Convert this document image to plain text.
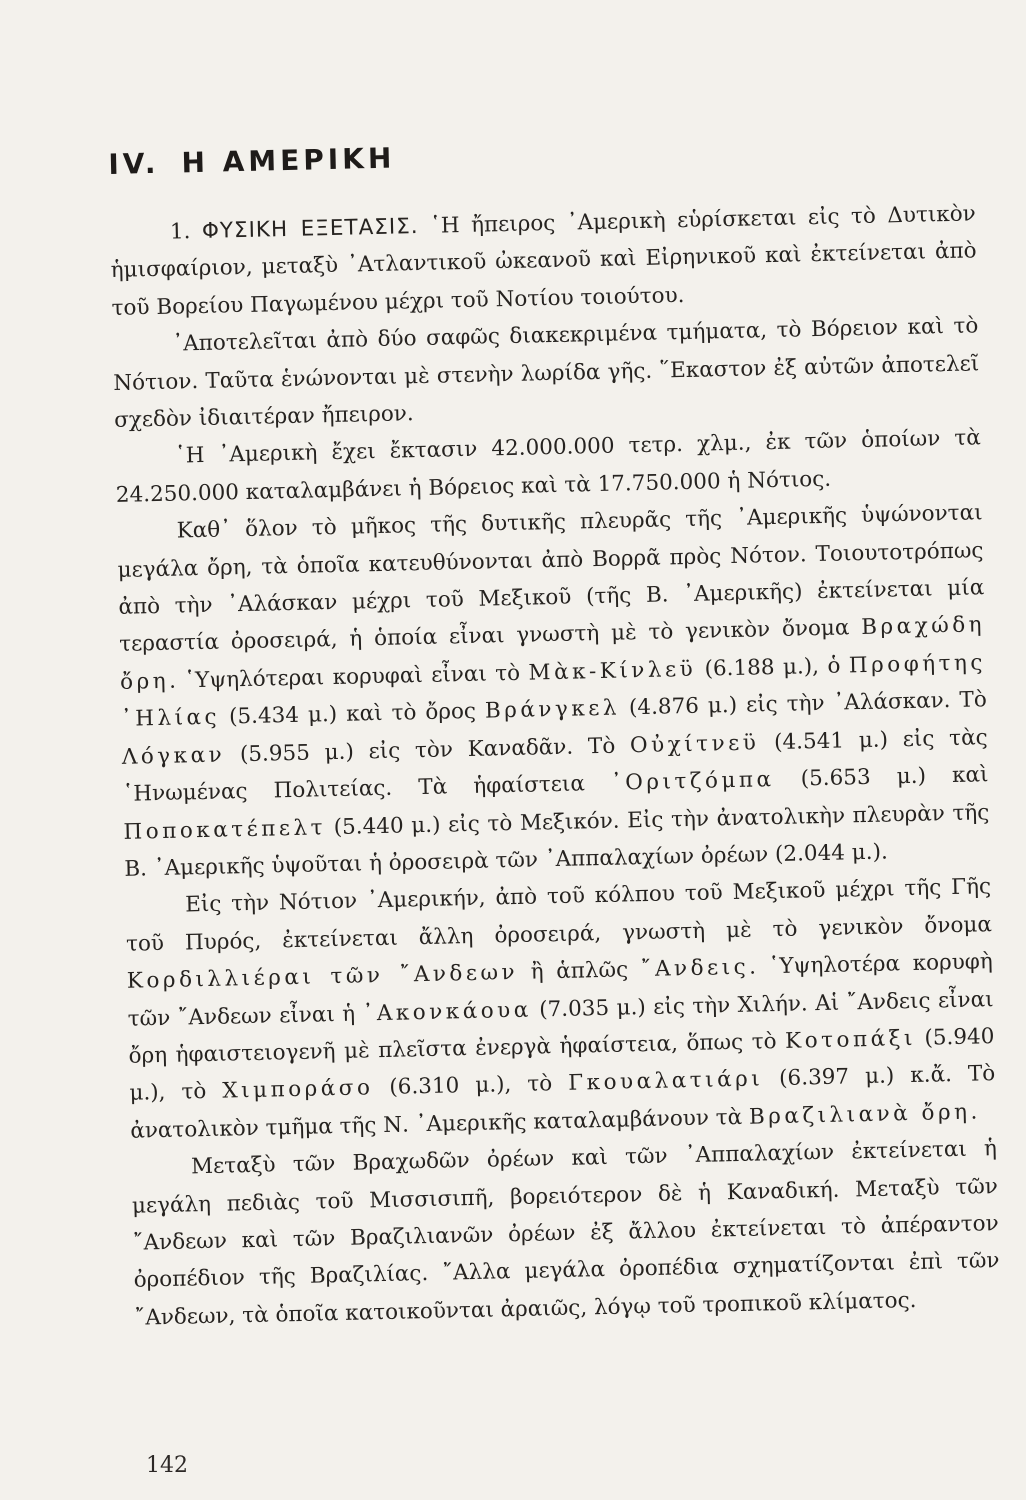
IV. Η ΑΜΕΡΙΚΗ

1. ΦΥΣΙΚΗ ΕΞΕΤΑΣΙΣ. ῾Η ἤπειρος ᾿Αμερικὴ εὑρίσκεται εἰς τὸ Δυτικὸν ἡμισφαίριον, μεταξὺ ᾿Ατλαντικοῦ ὠκεανοῦ καὶ Εἰρηνικοῦ καὶ ἐκτείνεται ἀπὸ τοῦ Βορείου Παγωμένου μέχρι τοῦ Νοτίου τοιούτου.

᾿Αποτελεῖται ἀπὸ δύο σαφῶς διακεκριμένα τμήματα, τὸ Βόρειον καὶ τὸ Νότιον. Ταῦτα ἑνώνονται μὲ στενὴν λωρίδα γῆς. ῞Εκαστον ἐξ αὐτῶν ἀποτελεῖ σχεδὸν ἰδιαιτέραν ἤπειρον.

῾Η ᾿Αμερικὴ ἔχει ἔκτασιν 42.000.000 τετρ. χλμ., ἐκ τῶν ὁποίων τὰ 24.250.000 καταλαμβάνει ἡ Βόρειος καὶ τὰ 17.750.000 ἡ Νότιος.

Καθ᾿ ὅλον τὸ μῆκος τῆς δυτικῆς πλευρᾶς τῆς ᾿Αμερικῆς ὑψώνονται μεγάλα ὄρη, τὰ ὁποῖα κατευθύνονται ἀπὸ Βορρᾶ πρὸς Νότον. Τοιουτοτρόπως ἀπὸ τὴν ᾿Αλάσκαν μέχρι τοῦ Μεξικοῦ (τῆς Β. ᾿Αμερικῆς) ἐκτείνεται μία τεραστία ὀροσειρά, ἡ ὁποία εἶναι γνωστὴ μὲ τὸ γενικὸν ὄνομα Βραχώδη ὄρη. ῾Υψηλότεραι κορυφαὶ εἶναι τὸ Μὰκ-Κίνλεϋ (6.188 μ.), ὁ Προφήτης ᾿Ηλίας (5.434 μ.) καὶ τὸ ὄρος Βράνγκελ (4.876 μ.) εἰς τὴν ᾿Αλάσκαν. Τὸ Λόγκαν (5.955 μ.) εἰς τὸν Καναδᾶν. Τὸ Οὐχίτνεϋ (4.541 μ.) εἰς τὰς ῾Ηνωμένας Πολιτείας. Τὰ ἡφαίστεια ᾿Οριτζόμπα (5.653 μ.) καὶ Ποποκατέπελτ (5.440 μ.) εἰς τὸ Μεξικόν. Εἰς τὴν ἀνατολικὴν πλευρὰν τῆς Β. ᾿Αμερικῆς ὑψοῦται ἡ ὀροσειρὰ τῶν ᾿Αππαλαχίων ὀρέων (2.044 μ.).

Εἰς τὴν Νότιον ᾿Αμερικήν, ἀπὸ τοῦ κόλπου τοῦ Μεξικοῦ μέχρι τῆς Γῆς τοῦ Πυρός, ἐκτείνεται ἄλλη ὀροσειρά, γνωστὴ μὲ τὸ γενικὸν ὄνομα Κορδιλλιέραι τῶν ῎Ανδεων ἢ ἁπλῶς ῎Ανδεις. ῾Υψηλοτέρα κορυφὴ τῶν ῎Ανδεων εἶναι ἡ ᾿Ακονκάουα (7.035 μ.) εἰς τὴν Χιλήν. Αἱ ῎Ανδεις εἶναι ὄρη ἡφαιστειογενῆ μὲ πλεῖστα ἐνεργὰ ἡφαίστεια, ὅπως τὸ Κοτοπάξι (5.940 μ.), τὸ Χιμποράσο (6.310 μ.), τὸ Γκουαλατιάρι (6.397 μ.) κ.ἄ. Τὸ ἀνατολικὸν τμῆμα τῆς Ν. ᾿Αμερικῆς καταλαμβάνουν τὰ Βραζιλιανὰ ὄρη.

Μεταξὺ τῶν Βραχωδῶν ὀρέων καὶ τῶν ᾿Αππαλαχίων ἐκτείνεται ἡ μεγάλη πεδιὰς τοῦ Μισσισιπῆ, βορειότερον δὲ ἡ Καναδική. Μεταξὺ τῶν ῎Ανδεων καὶ τῶν Βραζιλιανῶν ὀρέων ἐξ ἄλλου ἐκτείνεται τὸ ἀπέραντον ὀροπέδιον τῆς Βραζιλίας. ῎Αλλα μεγάλα ὀροπέδια σχηματίζονται ἐπὶ τῶν ῎Ανδεων, τὰ ὁποῖα κατοικοῦνται ἀραιῶς, λόγῳ τοῦ τροπικοῦ κλίματος.

142
